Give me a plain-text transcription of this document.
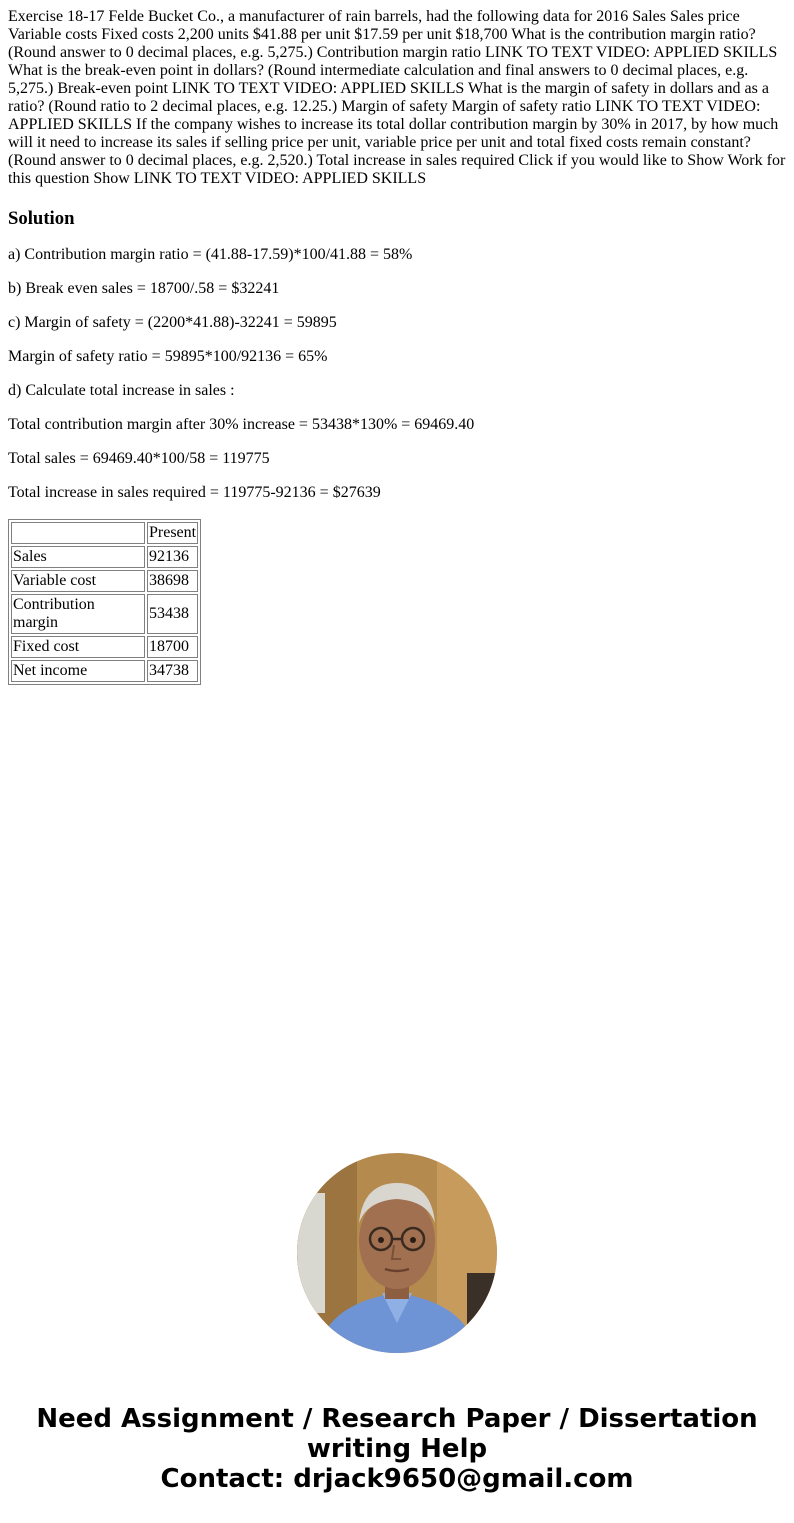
Exercise 18-17 Felde Bucket Co., a manufacturer of rain barrels, had the following data for 2016 Sales Sales price Variable costs Fixed costs 2,200 units $41.88 per unit $17.59 per unit $18,700 What is the contribution margin ratio? (Round answer to 0 decimal places, e.g. 5,275.) Contribution margin ratio LINK TO TEXT VIDEO: APPLIED SKILLS What is the break-even point in dollars? (Round intermediate calculation and final answers to 0 decimal places, e.g. 5,275.) Break-even point LINK TO TEXT VIDEO: APPLIED SKILLS What is the margin of safety in dollars and as a ratio? (Round ratio to 2 decimal places, e.g. 12.25.) Margin of safety Margin of safety ratio LINK TO TEXT VIDEO: APPLIED SKILLS If the company wishes to increase its total dollar contribution margin by 30% in 2017, by how much will it need to increase its sales if selling price per unit, variable price per unit and total fixed costs remain constant? (Round answer to 0 decimal places, e.g. 2,520.) Total increase in sales required Click if you would like to Show Work for this question Show LINK TO TEXT VIDEO: APPLIED SKILLS

Solution

a) Contribution margin ratio = (41.88-17.59)*100/41.88 = 58%

b) Break even sales = 18700/.58 = $32241

c) Margin of safety = (2200*41.88)-32241 = 59895

Margin of safety ratio = 59895*100/92136 = 65%

d) Calculate total increase in sales :

Total contribution margin after 30% increase = 53438*130% = 69469.40

Total sales = 69469.40*100/58 = 119775

Total increase in sales required = 119775-92136 = $27639

	Present
Sales	92136
Variable cost	38698
Contribution margin	53438
Fixed cost	18700
Net income	34738

Need Assignment / Research Paper / Dissertation

writing Help

Contact: drjack9650@gmail.com
